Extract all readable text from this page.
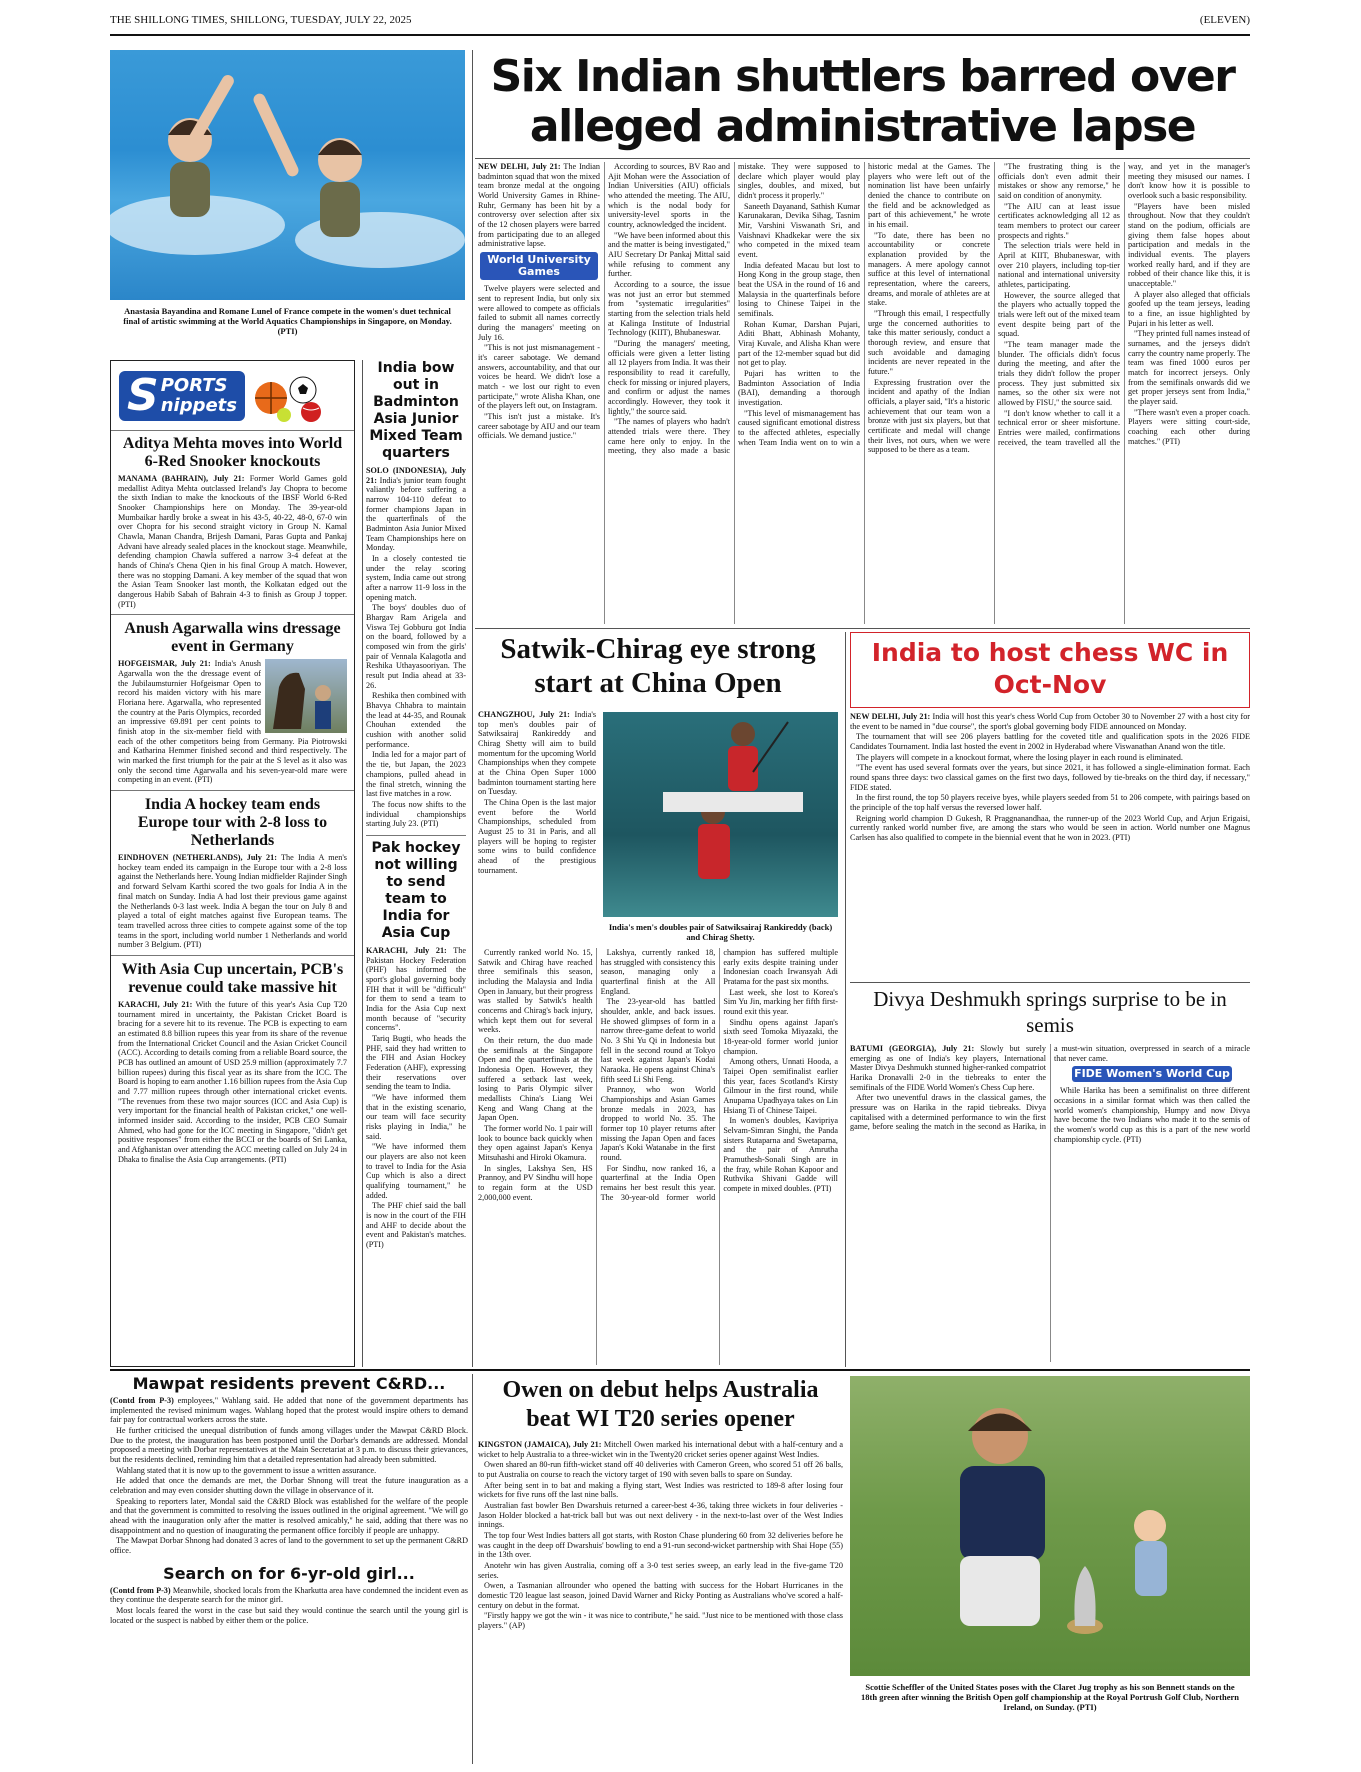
THE SHILLONG TIMES, SHILLONG, TUESDAY, JULY 22, 2025	(ELEVEN)
Anastasia Bayandina and Romane Lunel of France compete in the women's duet technical final of artistic swimming at the World Aquatics Championships in Singapore, on Monday. (PTI)
Six Indian shuttlers barred over
alleged administrative lapse

NEW DELHI, July 21: The Indian badminton squad that won the mixed team bronze medal at the ongoing World University Games in Rhine-Ruhr, Germany has been hit by a controversy over selection after six of the 12 chosen players were barred from participating due to an alleged administrative lapse.

World University Games

Twelve players were selected and sent to represent India, but only six were allowed to compete as officials failed to submit all names correctly during the managers' meeting on July 16.

"This is not just mismanagement - it's career sabotage. We demand answers, accountability, and that our voices be heard. We didn't lose a match - we lost our right to even participate," wrote Alisha Khan, one of the players left out, on Instagram.

"This isn't just a mistake. It's career sabotage by AIU and our team officials. We demand justice."

According to sources, BV Rao and Ajit Mohan were the Association of Indian Universities (AIU) officials who attended the meeting. The AIU, which is the nodal body for university-level sports in the country, acknowledged the incident.

"We have been informed about this and the matter is being investigated," AIU Secretary Dr Pankaj Mittal said while refusing to comment any further.

According to a source, the issue was not just an error but stemmed from "systematic irregularities" starting from the selection trials held at Kalinga Institute of Industrial Technology (KIIT), Bhubaneswar.

"During the managers' meeting, officials were given a letter listing all 12 players from India. It was their responsibility to read it carefully, check for missing or injured players, and confirm or adjust the names accordingly. However, they took it lightly," the source said.

"The names of players who hadn't attended trials were there. They came here only to enjoy. In the meeting, they also made a basic mistake. They were supposed to declare which player would play singles, doubles, and mixed, but didn't process it properly."

Saneeth Dayanand, Sathish Kumar Karunakaran, Devika Sihag, Tasnim Mir, Varshini Viswanath Sri, and Vaishnavi Khadkekar were the six who competed in the mixed team event.

India defeated Macau but lost to Hong Kong in the group stage, then beat the USA in the round of 16 and Malaysia in the quarterfinals before losing to Chinese Taipei in the semifinals.

Rohan Kumar, Darshan Pujari, Aditi Bhatt, Abhinash Mohanty, Viraj Kuvale, and Alisha Khan were part of the 12-member squad but did not get to play.

Pujari has written to the Badminton Association of India (BAI), demanding a thorough investigation.

"This level of mismanagement has caused significant emotional distress to the affected athletes, especially when Team India went on to win a historic medal at the Games. The players who were left out of the nomination list have been unfairly denied the chance to contribute on the field and be acknowledged as part of this achievement," he wrote in his email.

"To date, there has been no accountability or concrete explanation provided by the managers. A mere apology cannot suffice at this level of international representation, where the careers, dreams, and morale of athletes are at stake.

"Through this email, I respectfully urge the concerned authorities to take this matter seriously, conduct a thorough review, and ensure that such avoidable and damaging incidents are never repeated in the future."

Expressing frustration over the incident and apathy of the Indian officials, a player said, "It's a historic achievement that our team won a bronze with just six players, but that certificate and medal will change their lives, not ours, when we were supposed to be there as a team.

"The frustrating thing is the officials don't even admit their mistakes or show any remorse," he said on condition of anonymity.

"The AIU can at least issue certificates acknowledging all 12 as team members to protect our career prospects and rights."

The selection trials were held in April at KIIT, Bhubaneswar, with over 210 players, including top-tier national and international university athletes, participating.

However, the source alleged that the players who actually topped the trials were left out of the mixed team event despite being part of the squad.

"The team manager made the blunder. The officials didn't focus during the meeting, and after the trials they didn't follow the proper process. They just submitted six names, so the other six were not allowed by FISU," the source said.

"I don't know whether to call it a technical error or sheer misfortune. Entries were mailed, confirmations received, the team travelled all the way, and yet in the manager's meeting they misused our names. I don't know how it is possible to overlook such a basic responsibility.

"Players have been misled throughout. Now that they couldn't stand on the podium, officials are giving them false hopes about participation and medals in the individual events. The players worked really hard, and if they are robbed of their chance like this, it is unacceptable."

A player also alleged that officials goofed up the team jerseys, leading to a fine, an issue highlighted by Pujari in his letter as well.

"They printed full names instead of surnames, and the jerseys didn't carry the country name properly. The team was fined 1000 euros per match for incorrect jerseys. Only from the semifinals onwards did we get proper jerseys sent from India," the player said.

"There wasn't even a proper coach. Players were sitting court-side, coaching each other during matches." (PTI)

S PORTS
nippets
Aditya Mehta moves into World 6-Red Snooker knockouts
MANAMA (BAHRAIN), July 21: Former World Games gold medallist Aditya Mehta outclassed Ireland's Jay Chopra to become the sixth Indian to make the knockouts of the IBSF World 6-Red Snooker Championships here on Monday. The 39-year-old Mumbaikar hardly broke a sweat in his 43-5, 40-22, 48-0, 67-0 win over Chopra for his second straight victory in Group N. Kamal Chawla, Manan Chandra, Brijesh Damani, Paras Gupta and Pankaj Advani have already sealed places in the knockout stage. Meanwhile, defending champion Chawla suffered a narrow 3-4 defeat at the hands of China's Chena Qien in his final Group A match. However, there was no stopping Damani. A key member of the squad that won the Asian Team Snooker last month, the Kolkatan edged out the dangerous Habib Sabah of Bahrain 4-3 to finish as Group J topper. (PTI)
Anush Agarwalla wins dressage event in Germany
HOFGEISMAR, July 21: India's Anush Agarwalla won the the dressage event of the Jubilaumsturnier Hofgeismar Open to record his maiden victory with his mare Floriana here. Agarwalla, who represented the country at the Paris Olympics, recorded an impressive 69.891 per cent points to finish atop in the six-member field with each of the other competitors being from Germany. Pia Piotrowski and Katharina Hemmer finished second and third respectively. The win marked the first triumph for the pair at the S level as it also was only the second time Agarwalla and his seven-year-old mare were competing in an event. (PTI)
India A hockey team ends Europe tour with 2-8 loss to Netherlands
EINDHOVEN (NETHERLANDS), July 21: The India A men's hockey team ended its campaign in the Europe tour with a 2-8 loss against the Netherlands here. Young Indian midfielder Rajinder Singh and forward Selvam Karthi scored the two goals for India A in the final match on Sunday. India A had lost their previous game against the Netherlands 0-3 last week. India A began the tour on July 8 and played a total of eight matches against five European teams. The team travelled across three cities to compete against some of the top teams in the sport, including world number 1 Netherlands and world number 3 Belgium. (PTI)
With Asia Cup uncertain, PCB's revenue could take massive hit
KARACHI, July 21: With the future of this year's Asia Cup T20 tournament mired in uncertainty, the Pakistan Cricket Board is bracing for a severe hit to its revenue. The PCB is expecting to earn an estimated 8.8 billion rupees this year from its share of the revenue from the International Cricket Council and the Asian Cricket Council (ACC). According to details coming from a reliable Board source, the PCB has outlined an amount of USD 25.9 million (approximately 7.7 billion rupees) during this fiscal year as its share from the ICC. The Board is hoping to earn another 1.16 billion rupees from the Asia Cup and 7.77 million rupees through other international cricket events. "The revenues from these two major sources (ICC and Asia Cup) is very important for the financial health of Pakistan cricket," one well-informed insider said. According to the insider, PCB CEO Sumair Ahmed, who had gone for the ICC meeting in Singapore, "didn't get positive responses" from either the BCCI or the boards of Sri Lanka, and Afghanistan over attending the ACC meeting called on July 24 in Dhaka to finalise the Asia Cup arrangements. (PTI)
India bow out in Badminton Asia Junior Mixed Team quarters

SOLO (INDONESIA), July 21: India's junior team fought valiantly before suffering a narrow 104-110 defeat to former champions Japan in the quarterfinals of the Badminton Asia Junior Mixed Team Championships here on Monday.

In a closely contested tie under the relay scoring system, India came out strong after a narrow 11-9 loss in the opening match.

The boys' doubles duo of Bhargav Ram Arigela and Viswa Tej Gobburu got India on the board, followed by a composed win from the girls' pair of Vennala Kalagotla and Reshika Uthayasooriyan. The result put India ahead at 33-26.

Reshika then combined with Bhavya Chhabra to maintain the lead at 44-35, and Rounak Chouhan extended the cushion with another solid performance.

India led for a major part of the tie, but Japan, the 2023 champions, pulled ahead in the final stretch, winning the last five matches in a row.

The focus now shifts to the individual championships starting July 23. (PTI)

Pak hockey not willing to send team to India for Asia Cup

KARACHI, July 21: The Pakistan Hockey Federation (PHF) has informed the sport's global governing body FIH that it will be "difficult" for them to send a team to India for the Asia Cup next month because of "security concerns".

Tariq Bugti, who heads the PHF, said they had written to the FIH and Asian Hockey Federation (AHF), expressing their reservations over sending the team to India.

"We have informed them that in the existing scenario, our team will face security risks playing in India," he said.

"We have informed them our players are also not keen to travel to India for the Asia Cup which is also a direct qualifying tournament," he added.

The PHF chief said the ball is now in the court of the FIH and AHF to decide about the event and Pakistan's matches. (PTI)

Satwik-Chirag eye strong start at China Open
India's men's doubles pair of Satwiksairaj Rankireddy (back) and Chirag Shetty.

CHANGZHOU, July 21: India's top men's doubles pair of Satwiksairaj Rankireddy and Chirag Shetty will aim to build momentum for the upcoming World Championships when they compete at the China Open Super 1000 badminton tournament starting here on Tuesday.

The China Open is the last major event before the World Championships, scheduled from August 25 to 31 in Paris, and all players will be hoping to register some wins to build confidence ahead of the prestigious tournament.

Currently ranked world No. 15, Satwik and Chirag have reached three semifinals this season, including the Malaysia and India Open in January, but their progress was stalled by Satwik's health concerns and Chirag's back injury, which kept them out for several weeks.

On their return, the duo made the semifinals at the Singapore Open and the quarterfinals at the Indonesia Open. However, they suffered a setback last week, losing to Paris Olympic silver medallists China's Liang Wei Keng and Wang Chang at the Japan Open.

The former world No. 1 pair will look to bounce back quickly when they open against Japan's Kenya Mitsuhashi and Hiroki Okamura.

In singles, Lakshya Sen, HS Prannoy, and PV Sindhu will hope to regain form at the USD 2,000,000 event.

Lakshya, currently ranked 18, has struggled with consistency this season, managing only a quarterfinal finish at the All England.

The 23-year-old has battled shoulder, ankle, and back issues. He showed glimpses of form in a narrow three-game defeat to world No. 3 Shi Yu Qi in Indonesia but fell in the second round at Tokyo last week against Japan's Kodai Naraoka. He opens against China's fifth seed Li Shi Feng.

Prannoy, who won World Championships and Asian Games bronze medals in 2023, has dropped to world No. 35. The former top 10 player returns after missing the Japan Open and faces Japan's Koki Watanabe in the first round.

For Sindhu, now ranked 16, a quarterfinal at the India Open remains her best result this year. The 30-year-old former world champion has suffered multiple early exits despite training under Indonesian coach Irwansyah Adi Pratama for the past six months.

Last week, she lost to Korea's Sim Yu Jin, marking her fifth first-round exit this year.

Sindhu opens against Japan's sixth seed Tomoka Miyazaki, the 18-year-old former world junior champion.

Among others, Unnati Hooda, a Taipei Open semifinalist earlier this year, faces Scotland's Kirsty Gilmour in the first round, while Anupama Upadhyaya takes on Lin Hsiang Ti of Chinese Taipei.

In women's doubles, Kavipriya Selvam-Simran Singhi, the Panda sisters Rutaparna and Swetaparna, and the pair of Amrutha Pramuthesh-Sonali Singh are in the fray, while Rohan Kapoor and Ruthvika Shivani Gadde will compete in mixed doubles. (PTI)

India to host chess WC in Oct-Nov

NEW DELHI, July 21: India will host this year's chess World Cup from October 30 to November 27 with a host city for the event to be named in "due course", the sport's global governing body FIDE announced on Monday.

The tournament that will see 206 players battling for the coveted title and qualification spots in the 2026 FIDE Candidates Tournament. India last hosted the event in 2002 in Hyderabad where Viswanathan Anand won the title.

The players will compete in a knockout format, where the losing player in each round is eliminated.

"The event has used several formats over the years, but since 2021, it has followed a single-elimination format. Each round spans three days: two classical games on the first two days, followed by tie-breaks on the third day, if necessary," FIDE stated.

In the first round, the top 50 players receive byes, while players seeded from 51 to 206 compete, with pairings based on the principle of the top half versus the reversed lower half.

Reigning world champion D Gukesh, R Praggnanandhaa, the runner-up of the 2023 World Cup, and Arjun Erigaisi, currently ranked world number five, are among the stars who would be seen in action. World number one Magnus Carlsen has also qualified to compete in the biennial event that he won in 2023. (PTI)

Divya Deshmukh springs surprise to be in semis

BATUMI (GEORGIA), July 21: Slowly but surely emerging as one of India's key players, International Master Divya Deshmukh stunned higher-ranked compatriot Harika Dronavalli 2-0 in the tiebreaks to enter the semifinals of the FIDE World Women's Chess Cup here.

After two uneventful draws in the classical games, the pressure was on Harika in the rapid tiebreaks. Divya capitalised with a determined performance to win the first game, before sealing the match in the second as Harika, in a must-win situation, overpressed in search of a miracle that never came.

FIDE Women's World Cup

While Harika has been a semifinalist on three different occasions in a similar format which was then called the world women's championship, Humpy and now Divya have become the two Indians who made it to the semis of the women's world cup as this is a part of the new world championship cycle. (PTI)

Mawpat residents prevent C&RD...

(Contd from P-3) employees," Wahlang said. He added that none of the government departments has implemented the revised minimum wages. Wahlang hoped that the protest would inspire others to demand fair pay for contractual workers across the state.

He further criticised the unequal distribution of funds among villages under the Mawpat C&RD Block. Due to the protest, the inauguration has been postponed until the Dorbar's demands are addressed. Mondal proposed a meeting with Dorbar representatives at the Main Secretariat at 3 p.m. to discuss their grievances, but the residents declined, reminding him that a detailed representation had already been submitted.

Wahlang stated that it is now up to the government to issue a written assurance.

He added that once the demands are met, the Dorbar Shnong will treat the future inauguration as a celebration and may even consider shutting down the village in observance of it.

Speaking to reporters later, Mondal said the C&RD Block was established for the welfare of the people and that the government is committed to resolving the issues outlined in the original agreement. "We will go ahead with the inauguration only after the matter is resolved amicably," he said, adding that there was no disappointment and no question of inaugurating the permanent office forcibly if people are unhappy.

The Mawpat Dorbar Shnong had donated 3 acres of land to the government to set up the permanent C&RD office.

Search on for 6-yr-old girl...

(Contd from P-3) Meanwhile, shocked locals from the Kharkutta area have condemned the incident even as they continue the desperate search for the minor girl.

Most locals feared the worst in the case but said they would continue the search until the young girl is located or the suspect is nabbed by either them or the police.

Owen on debut helps Australia beat WI T20 series opener

KINGSTON (JAMAICA), July 21: Mitchell Owen marked his international debut with a half-century and a wicket to help Australia to a three-wicket win in the Twenty20 cricket series opener against West Indies.

Owen shared an 80-run fifth-wicket stand off 40 deliveries with Cameron Green, who scored 51 off 26 balls, to put Australia on course to reach the victory target of 190 with seven balls to spare on Sunday.

After being sent in to bat and making a flying start, West Indies was restricted to 189-8 after losing four wickets for five runs off the last nine balls.

Australian fast bowler Ben Dwarshuis returned a career-best 4-36, taking three wickets in four deliveries - Jason Holder blocked a hat-trick ball but was out next delivery - in the next-to-last over of the West Indies innings.

The top four West Indies batters all got starts, with Roston Chase plundering 60 from 32 deliveries before he was caught in the deep off Dwarshuis' bowling to end a 91-run second-wicket partnership with Shai Hope (55) in the 13th over.

Anotehr win has given Australia, coming off a 3-0 test series sweep, an early lead in the five-game T20 series.

Owen, a Tasmanian allrounder who opened the batting with success for the Hobart Hurricanes in the domestic T20 league last season, joined David Warner and Ricky Ponting as Australians who've scored a half-century on debut in the format.

"Firstly happy we got the win - it was nice to contribute," he said. "Just nice to be mentioned with those class players." (AP)

Scottie Scheffler of the United States poses with the Claret Jug trophy as his son Bennett stands on the 18th green after winning the British Open golf championship at the Royal Portrush Golf Club, Northern Ireland, on Sunday. (PTI)
